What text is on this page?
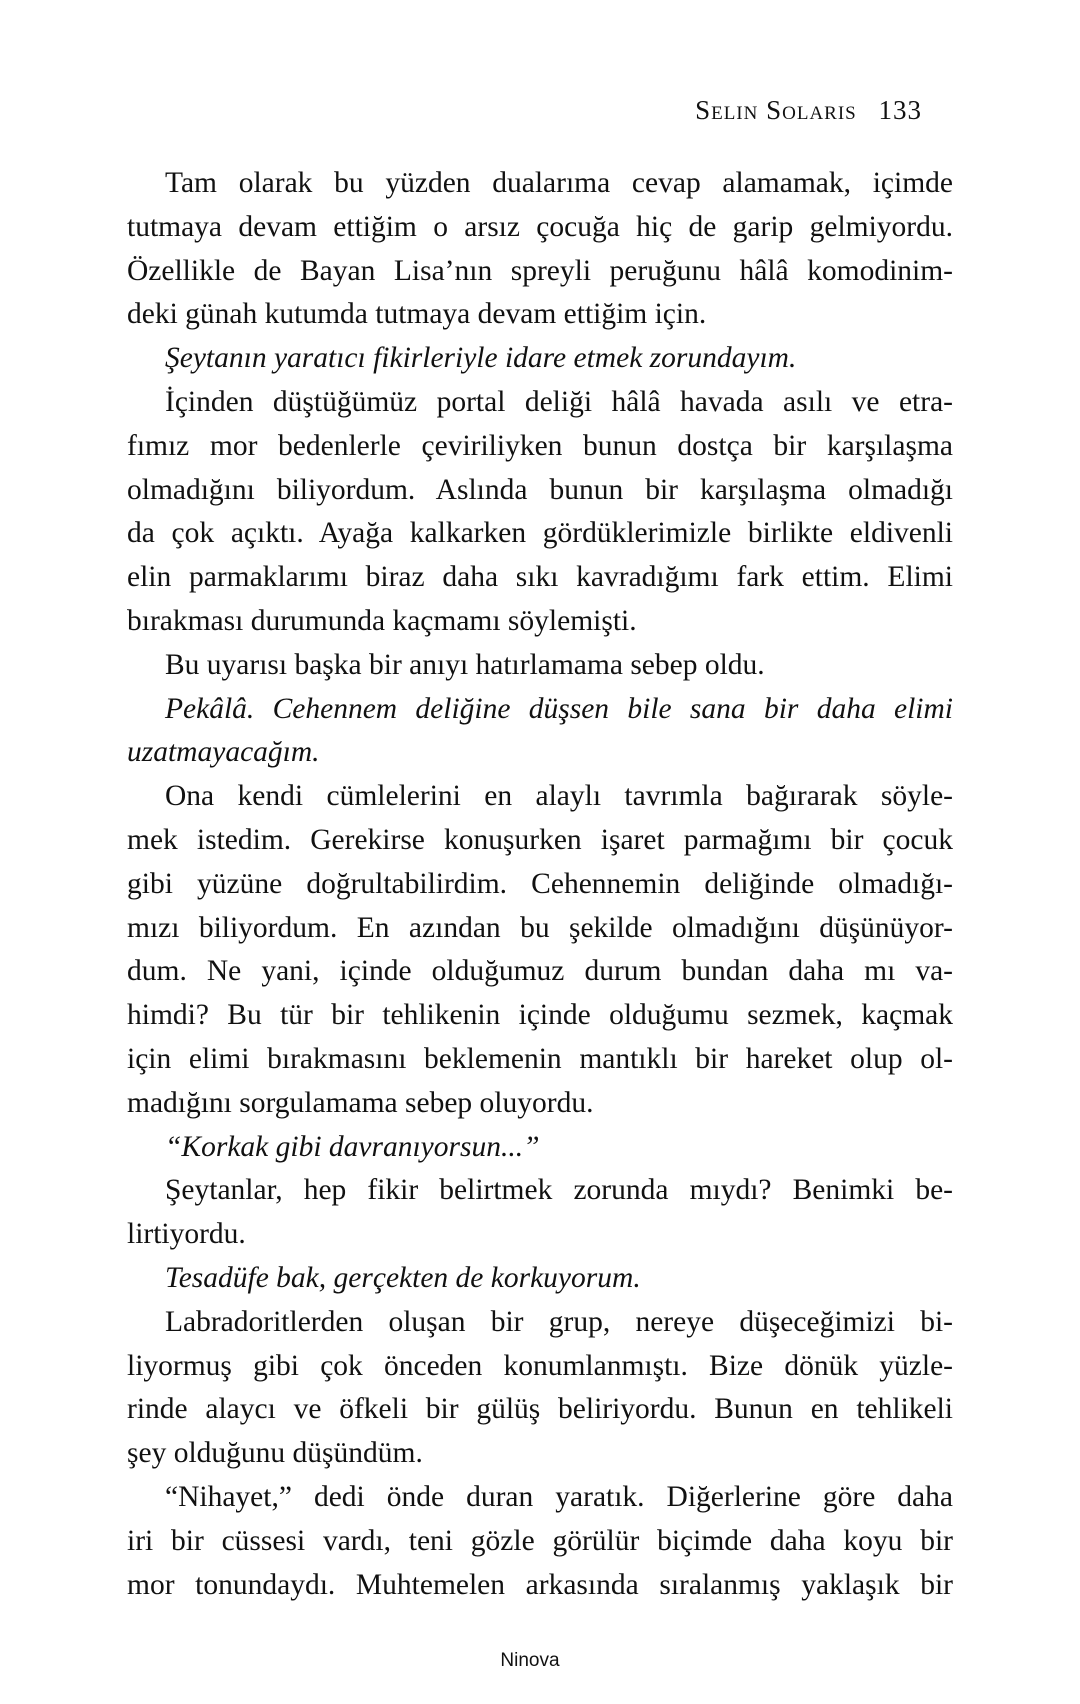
Selin Solaris 133
Tam olarak bu yüzden dualarıma cevap alamamak, içimde
tutmaya devam ettiğim o arsız çocuğa hiç de garip gelmiyordu.
Özellikle de Bayan Lisa’nın spreyli peruğunu hâlâ komodinim-
deki günah kutumda tutmaya devam ettiğim için.
Şeytanın yaratıcı fikirleriyle idare etmek zorundayım.
İçinden düştüğümüz portal deliği hâlâ havada asılı ve etra-
fımız mor bedenlerle çeviriliyken bunun dostça bir karşılaşma
olmadığını biliyordum. Aslında bunun bir karşılaşma olmadığı
da çok açıktı. Ayağa kalkarken gördüklerimizle birlikte eldivenli
elin parmaklarımı biraz daha sıkı kavradığımı fark ettim. Elimi
bırakması durumunda kaçmamı söylemişti.
Bu uyarısı başka bir anıyı hatırlamama sebep oldu.
Pekâlâ. Cehennem deliğine düşsen bile sana bir daha elimi
uzatmayacağım.
Ona kendi cümlelerini en alaylı tavrımla bağırarak söyle-
mek istedim. Gerekirse konuşurken işaret parmağımı bir çocuk
gibi yüzüne doğrultabilirdim. Cehennemin deliğinde olmadığı-
mızı biliyordum. En azından bu şekilde olmadığını düşünüyor-
dum. Ne yani, içinde olduğumuz durum bundan daha mı va-
himdi? Bu tür bir tehlikenin içinde olduğumu sezmek, kaçmak
için elimi bırakmasını beklemenin mantıklı bir hareket olup ol-
madığını sorgulamama sebep oluyordu.
“Korkak gibi davranıyorsun...”
Şeytanlar, hep fikir belirtmek zorunda mıydı? Benimki be-
lirtiyordu.
Tesadüfe bak, gerçekten de korkuyorum.
Labradoritlerden oluşan bir grup, nereye düşeceğimizi bi-
liyormuş gibi çok önceden konumlanmıştı. Bize dönük yüzle-
rinde alaycı ve öfkeli bir gülüş beliriyordu. Bunun en tehlikeli
şey olduğunu düşündüm.
“Nihayet,” dedi önde duran yaratık. Diğerlerine göre daha
iri bir cüssesi vardı, teni gözle görülür biçimde daha koyu bir
mor tonundaydı. Muhtemelen arkasında sıralanmış yaklaşık bir
Ninova
